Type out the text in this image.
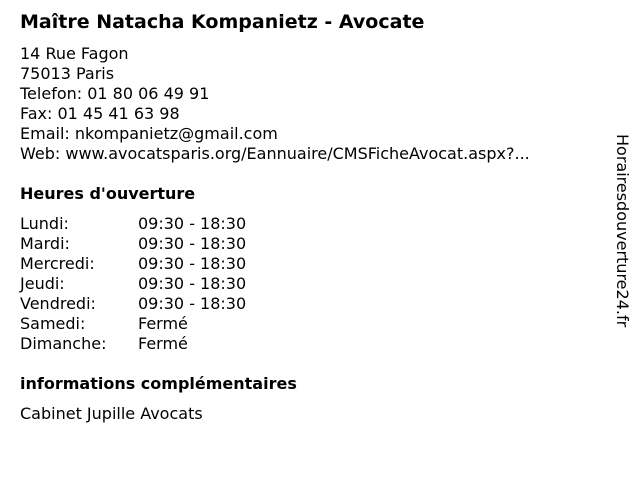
Maître Natacha Kompanietz - Avocate
14 Rue Fagon
75013 Paris
Telefon: 01 80 06 49 91
Fax: 01 45 41 63 98
Email: nkompanietz@gmail.com
Web: www.avocatsparis.org/Eannuaire/CMSFicheAvocat.aspx?...
Heures d'ouverture
Lundi:	09:30 - 18:30
Mardi:	09:30 - 18:30
Mercredi:	09:30 - 18:30
Jeudi:	09:30 - 18:30
Vendredi:	09:30 - 18:30
Samedi:	Fermé
Dimanche:	Fermé
informations complémentaires
Cabinet Jupille Avocats
Horairesdouverture24.fr
